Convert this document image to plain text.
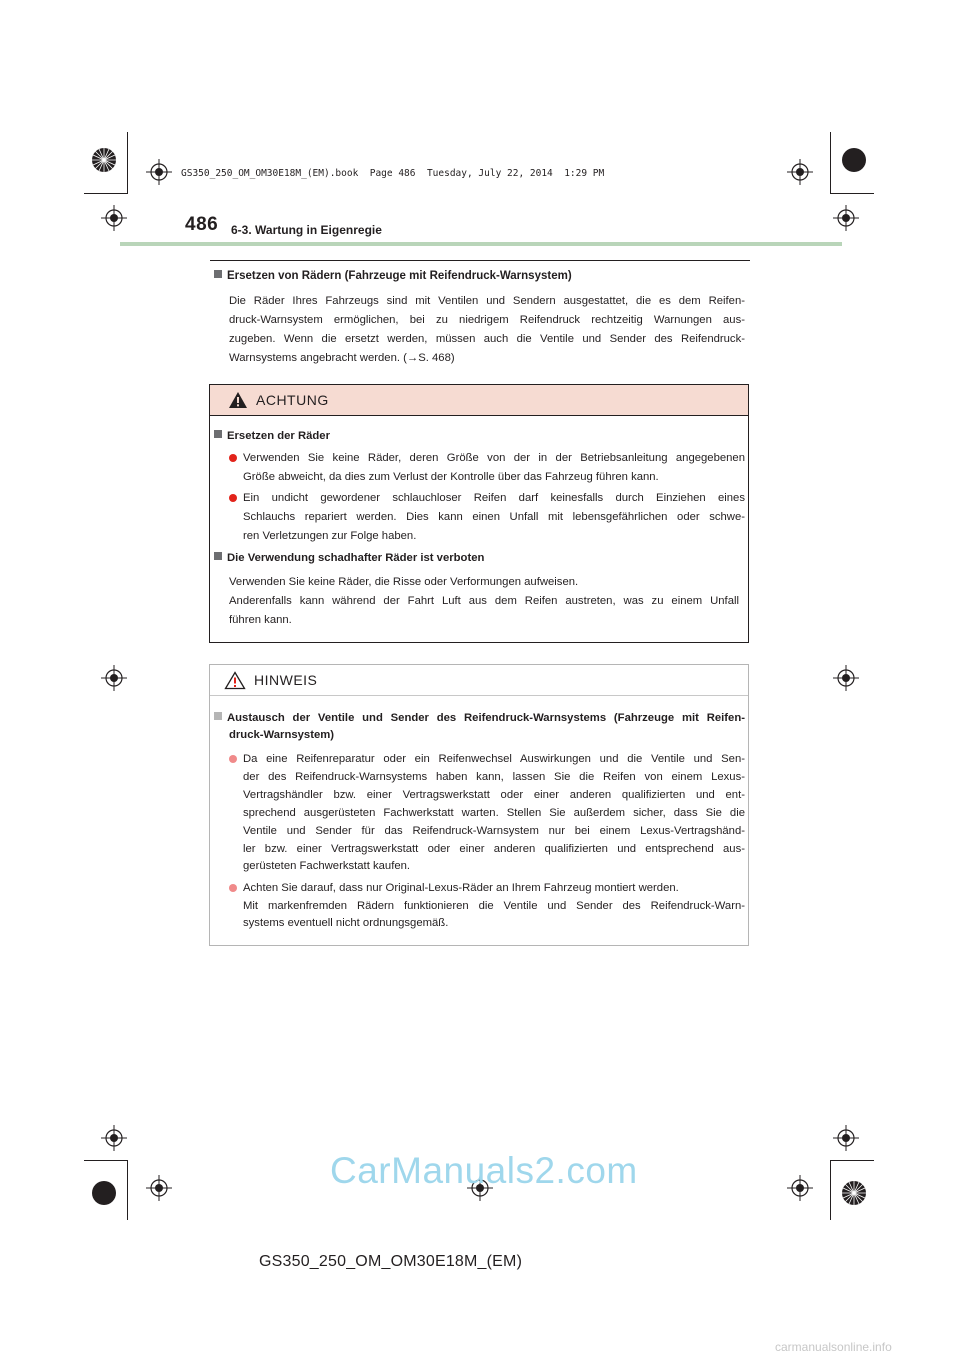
GS350_250_OM_OM30E18M_(EM).book  Page 486  Tuesday, July 22, 2014  1:29 PM
486 6-3. Wartung in Eigenregie
Ersetzen von Rädern (Fahrzeuge mit Reifendruck-Warnsystem)
Die Räder Ihres Fahrzeugs sind mit Ventilen und Sendern ausgestattet, die es dem Reifen-
druck-Warnsystem ermöglichen, bei zu niedrigem Reifendruck rechtzeitig Warnungen aus-
zugeben. Wenn die ersetzt werden, müssen auch die Ventile und Sender des Reifendruck-
Warnsystems angebracht werden. (→S. 468)
ACHTUNG
Ersetzen der Räder
Verwenden Sie keine Räder, deren Größe von der in der Betriebsanleitung angegebenen
Größe abweicht, da dies zum Verlust der Kontrolle über das Fahrzeug führen kann.
Ein undicht gewordener schlauchloser Reifen darf keinesfalls durch Einziehen eines
Schlauchs repariert werden. Dies kann einen Unfall mit lebensgefährlichen oder schwe-
ren Verletzungen zur Folge haben.
Die Verwendung schadhafter Räder ist verboten
Verwenden Sie keine Räder, die Risse oder Verformungen aufweisen.
Anderenfalls kann während der Fahrt Luft aus dem Reifen austreten, was zu einem Unfall
führen kann.
HINWEIS
Austausch der Ventile und Sender des Reifendruck-Warnsystems (Fahrzeuge mit Reifen-
druck-Warnsystem)
Da eine Reifenreparatur oder ein Reifenwechsel Auswirkungen und die Ventile und Sen-
der des Reifendruck-Warnsystems haben kann, lassen Sie die Reifen von einem Lexus-
Vertragshändler bzw. einer Vertragswerkstatt oder einer anderen qualifizierten und ent-
sprechend ausgerüsteten Fachwerkstatt warten. Stellen Sie außerdem sicher, dass Sie die
Ventile und Sender für das Reifendruck-Warnsystem nur bei einem Lexus-Vertragshänd-
ler bzw. einer Vertragswerkstatt oder einer anderen qualifizierten und entsprechend aus-
gerüsteten Fachwerkstatt kaufen.
Achten Sie darauf, dass nur Original-Lexus-Räder an Ihrem Fahrzeug montiert werden.
Mit markenfremden Rädern funktionieren die Ventile und Sender des Reifendruck-Warn-
systems eventuell nicht ordnungsgemäß.
CarManuals2.com
GS350_250_OM_OM30E18M_(EM)
carmanualsonline.info
